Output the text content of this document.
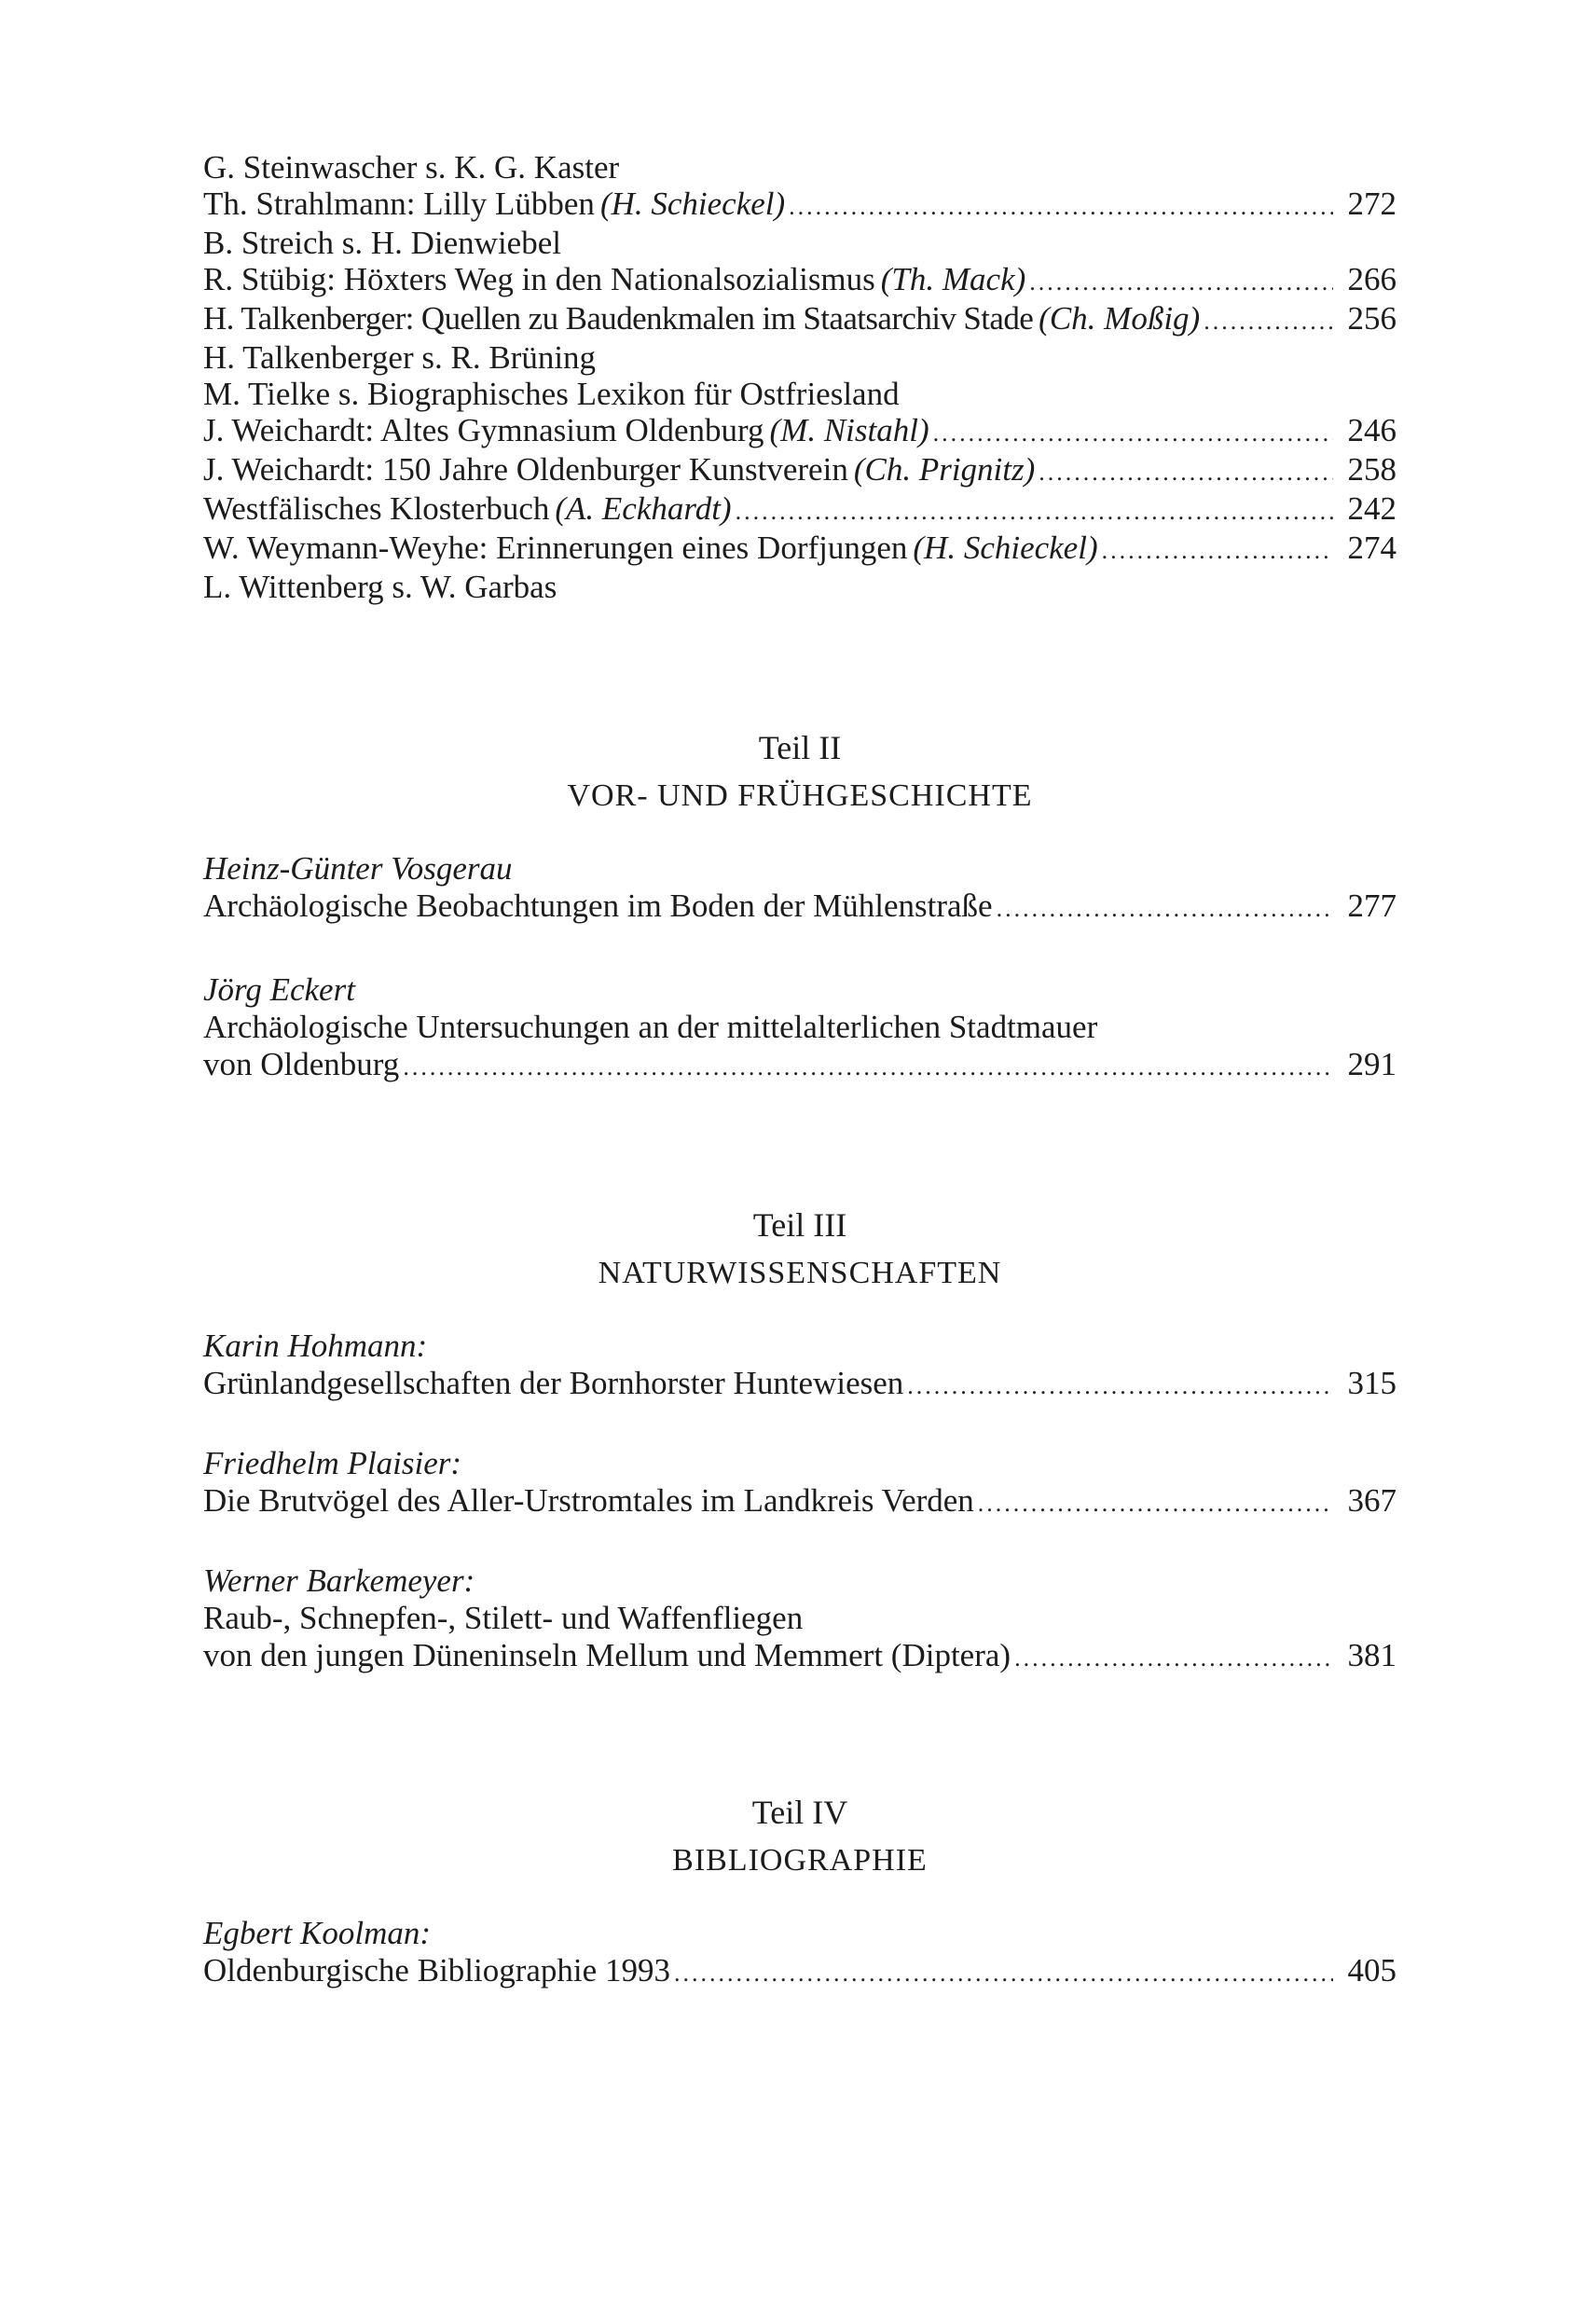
G. Steinwascher s. K. G. Kaster
Th. Strahlmann: Lilly Lübben (H. Schieckel) .....	272
B. Streich s. H. Dienwiebel
R. Stübig: Höxters Weg in den Nationalsozialismus (Th. Mack) .....	266
H. Talkenberger: Quellen zu Baudenkmalen im Staatsarchiv Stade (Ch. Moßig) .....	256
H. Talkenberger s. R. Brüning
M. Tielke s. Biographisches Lexikon für Ostfriesland
J. Weichardt: Altes Gymnasium Oldenburg (M. Nistahl) .....	246
J. Weichardt: 150 Jahre Oldenburger Kunstverein (Ch. Prignitz) .....	258
Westfälisches Klosterbuch (A. Eckhardt) .....	242
W. Weymann-Weyhe: Erinnerungen eines Dorfjungen (H. Schieckel) .....	274
L. Wittenberg s. W. Garbas
Teil II
VOR- UND FRÜHGESCHICHTE
Heinz-Günter Vosgerau
Archäologische Beobachtungen im Boden der Mühlenstraße .....	277
Jörg Eckert
Archäologische Untersuchungen an der mittelalterlichen Stadtmauer
von Oldenburg .....	291
Teil III
NATURWISSENSCHAFTEN
Karin Hohmann:
Grünlandgesellschaften der Bornhorster Huntewiesen .....	315
Friedhelm Plaisier:
Die Brutvögel des Aller-Urstromtales im Landkreis Verden .....	367
Werner Barkemeyer:
Raub-, Schnepfen-, Stilett- und Waffenfliegen
von den jungen Düneninseln Mellum und Memmert (Diptera) .....	381
Teil IV
BIBLIOGRAPHIE
Egbert Koolman:
Oldenburgische Bibliographie 1993 .....	405
